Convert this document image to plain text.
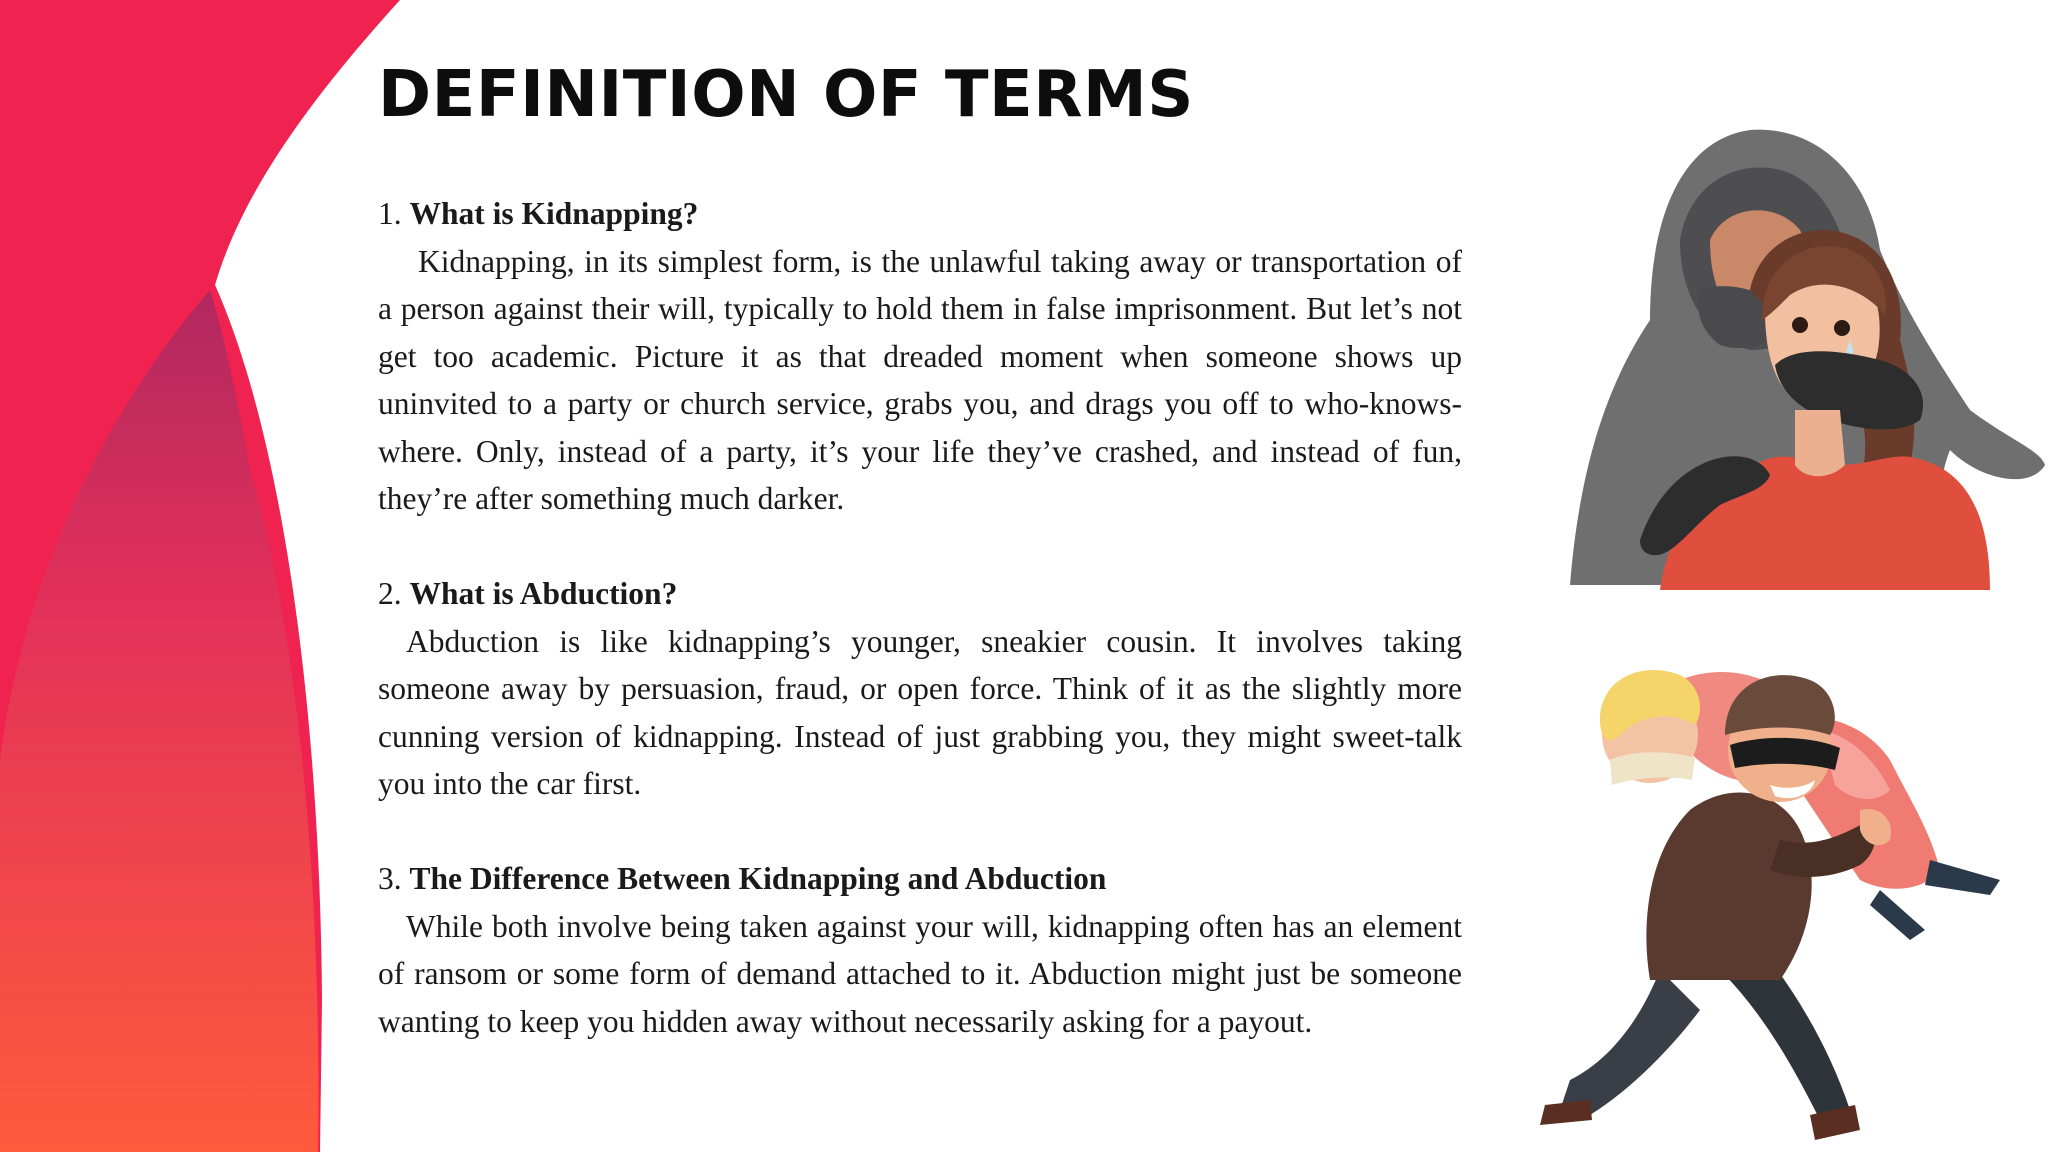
DEFINITION OF TERMS

1. What is Kidnapping?

Kidnapping, in its simplest form, is the unlawful taking away or transportation of a person against their will, typically to hold them in false imprisonment. But let’s not get too academic. Picture it as that dreaded moment when someone shows up uninvited to a party or church service, grabs you, and drags you off to who-knows-where. Only, instead of a party, it’s your life they’ve crashed, and instead of fun, they’re after something much darker.

2. What is Abduction?

Abduction is like kidnapping’s younger, sneakier cousin. It involves taking someone away by persuasion, fraud, or open force. Think of it as the slightly more cunning version of kidnapping. Instead of just grabbing you, they might sweet-talk you into the car first.

3. The Difference Between Kidnapping and Abduction

While both involve being taken against your will, kidnapping often has an element of ransom or some form of demand attached to it. Abduction might just be someone wanting to keep you hidden away without necessarily asking for a payout.
